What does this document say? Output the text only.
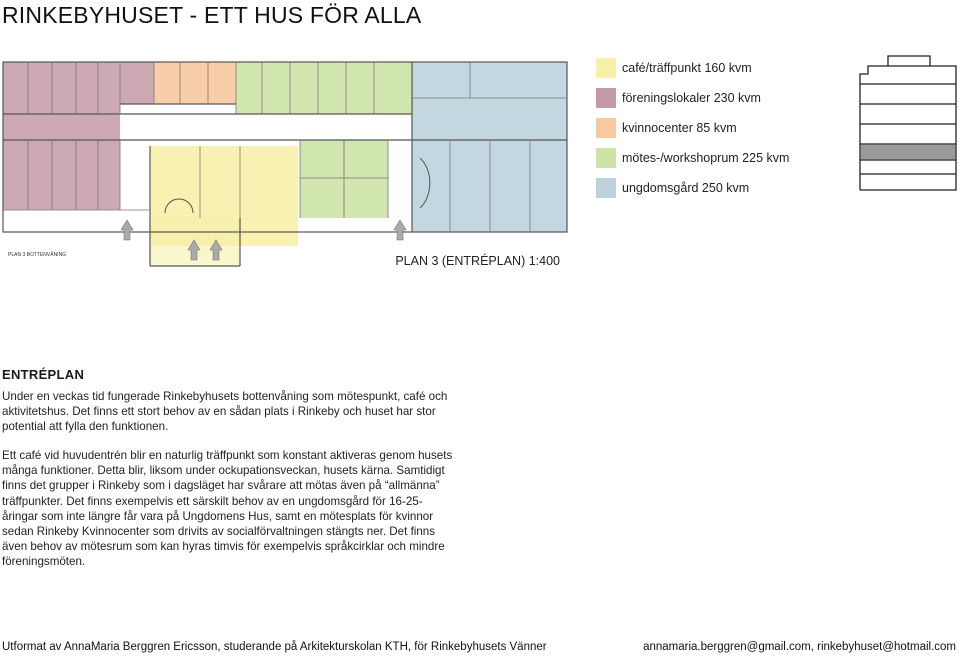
RINKEBYHUSET - ETT HUS FÖR ALLA
PLAN 3 BOTTENVÅNING
café/träffpunkt 160 kvm
föreningslokaler 230 kvm
kvinnocenter 85 kvm
mötes-/workshoprum 225 kvm
ungdomsgård 250 kvm
PLAN 3 (ENTRÉPLAN) 1:400
ENTRÉPLAN

Under en veckas tid fungerade Rinkebyhusets bottenvåning som mötespunkt, café och aktivitetshus. Det finns ett stort behov av en sådan plats i Rinkeby och huset har stor potential att fylla den funktionen.

Ett café vid huvudentrén blir en naturlig träffpunkt som konstant aktiveras genom husets många funktioner. Detta blir, liksom under ockupationsveckan, husets kärna. Samtidigt finns det grupper i Rinkeby som i dagsläget har svårare att mötas även på “allmänna” träffpunkter. Det finns exempelvis ett särskilt behov av en ungdomsgård för 16-25-åringar som inte längre får vara på Ungdomens Hus, samt en mötesplats för kvinnor sedan Rinkeby Kvinnocenter som drivits av socialförvaltningen stängts ner. Det finns även behov av mötesrum som kan hyras timvis för exempelvis språkcirklar och mindre föreningsmöten.

Utformat av AnnaMaria Berggren Ericsson, studerande på Arkitekturskolan KTH, för Rinkebyhusets Vänner	annamaria.berggren@gmail.com, rinkebyhuset@hotmail.com
